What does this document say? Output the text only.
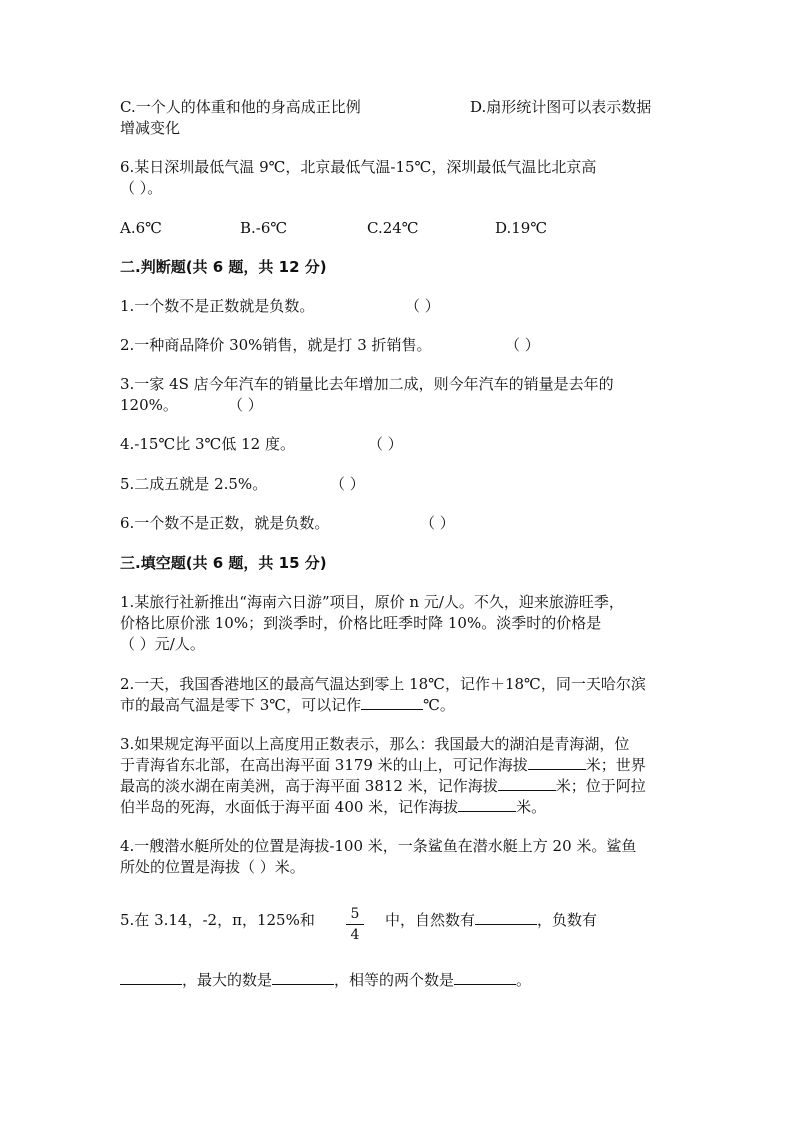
C.一个人的体重和他的身高成正比例	D.扇形统计图可以表示数据
增减变化
6.某日深圳最低气温 9℃，北京最低气温-15℃，深圳最低气温比北京高
（ ）。
A.6℃	B.-6℃	C.24℃	D.19℃
二.判断题(共 6 题，共 12 分)
1.一个数不是正数就是负数。	（ ）
2.一种商品降价 30%销售，就是打 3 折销售。	（ ）
3.一家 4S 店今年汽车的销量比去年增加二成，则今年汽车的销量是去年的
120%。	（ ）
4.-15℃比 3℃低 12 度。	（ ）
5.二成五就是 2.5%。	（ ）
6.一个数不是正数，就是负数。	（ ）
三.填空题(共 6 题，共 15 分)
1.某旅行社新推出“海南六日游”项目，原价 n 元/人。不久，迎来旅游旺季，
价格比原价涨 10%；到淡季时，价格比旺季时降 10%。淡季时的价格是
（ ）元/人。
2.一天，我国香港地区的最高气温达到零上 18℃，记作＋18℃，同一天哈尔滨
市的最高气温是零下 3℃，可以记作	℃。
3.如果规定海平面以上高度用正数表示，那么：我国最大的湖泊是青海湖，位
于青海省东北部，在高出海平面 3179 米的山上，可记作海拔	米；世界
最高的淡水湖在南美洲，高于海平面 3812 米，记作海拔	米；位于阿拉
伯半岛的死海，水面低于海平面 400 米，记作海拔	米。
4.一艘潜水艇所处的位置是海拔-100 米，一条鲨鱼在潜水艇上方 20 米。鲨鱼
所处的位置是海拔（ ）米。
5.在 3.14，-2，π，125%和	5
4
中，自然数有	，负数有
，最大的数是	，相等的两个数是	。
